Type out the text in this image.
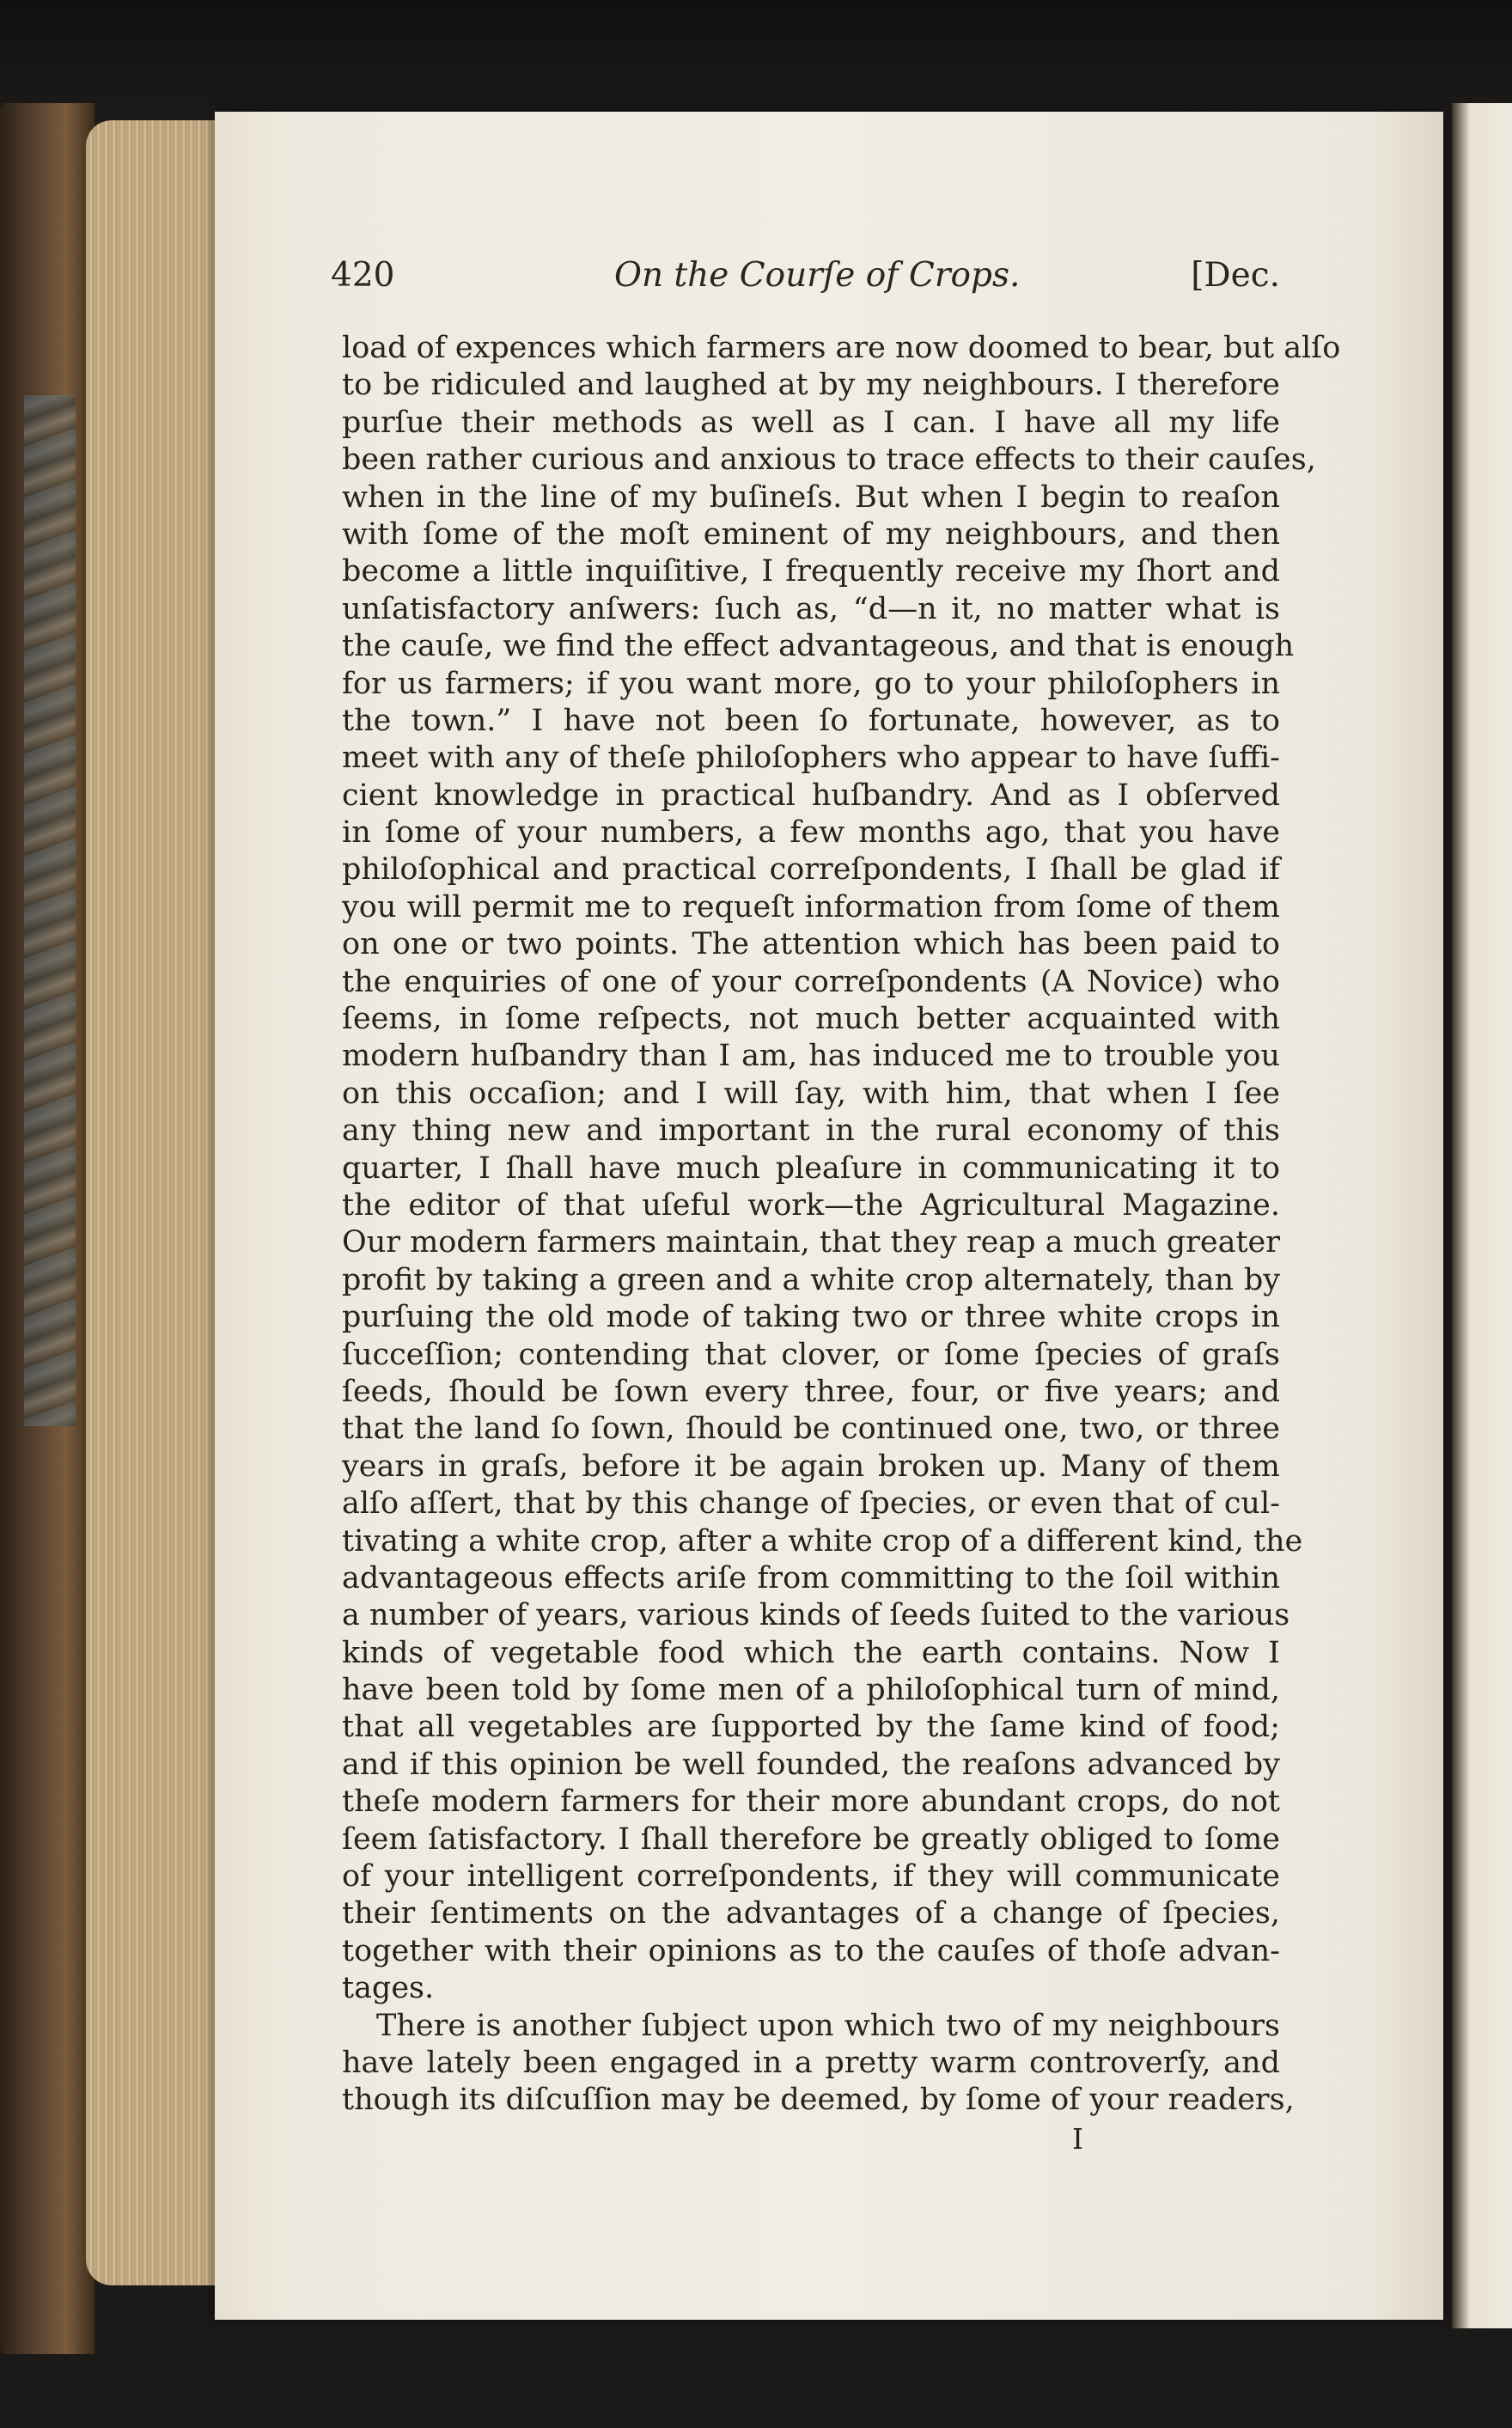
420	On the Courſe of Crops.	[Dec.
load of expences which farmers are now doomed to bear, but alſo
to be ridiculed and laughed at by my neighbours. I therefore
purſue their methods as well as I can. I have all my life
been rather curious and anxious to trace effects to their cauſes,
when in the line of my buſineſs. But when I begin to reaſon
with ſome of the moſt eminent of my neighbours, and then
become a little inquiſitive, I frequently receive my ſhort and
unſatisfactory anſwers: ſuch as, “d—n it, no matter what is
the cauſe, we find the effect advantageous, and that is enough
for us farmers; if you want more, go to your philoſophers in
the town.” I have not been ſo fortunate, however, as to
meet with any of theſe philoſophers who appear to have ſuffi-
cient knowledge in practical huſbandry. And as I obſerved
in ſome of your numbers, a few months ago, that you have
philoſophical and practical correſpondents, I ſhall be glad if
you will permit me to requeſt information from ſome of them
on one or two points. The attention which has been paid to
the enquiries of one of your correſpondents (A Novice) who
ſeems, in ſome reſpects, not much better acquainted with
modern huſbandry than I am, has induced me to trouble you
on this occaſion; and I will ſay, with him, that when I ſee
any thing new and important in the rural economy of this
quarter, I ſhall have much pleaſure in communicating it to
the editor of that uſeful work—the Agricultural Magazine.
Our modern farmers maintain, that they reap a much greater
profit by taking a green and a white crop alternately, than by
purſuing the old mode of taking two or three white crops in
ſucceſſion; contending that clover, or ſome ſpecies of graſs
ſeeds, ſhould be ſown every three, four, or five years; and
that the land ſo ſown, ſhould be continued one, two, or three
years in graſs, before it be again broken up. Many of them
alſo aſſert, that by this change of ſpecies, or even that of cul-
tivating a white crop, after a white crop of a different kind, the
advantageous effects ariſe from committing to the ſoil within
a number of years, various kinds of ſeeds ſuited to the various
kinds of vegetable food which the earth contains. Now I
have been told by ſome men of a philoſophical turn of mind,
that all vegetables are ſupported by the ſame kind of food;
and if this opinion be well founded, the reaſons advanced by
theſe modern farmers for their more abundant crops, do not
ſeem ſatisfactory. I ſhall therefore be greatly obliged to ſome
of your intelligent correſpondents, if they will communicate
their ſentiments on the advantages of a change of ſpecies,
together with their opinions as to the cauſes of thoſe advan-
tages.
There is another ſubject upon which two of my neighbours
have lately been engaged in a pretty warm controverſy, and
though its diſcuſſion may be deemed, by ſome of your readers,
I
